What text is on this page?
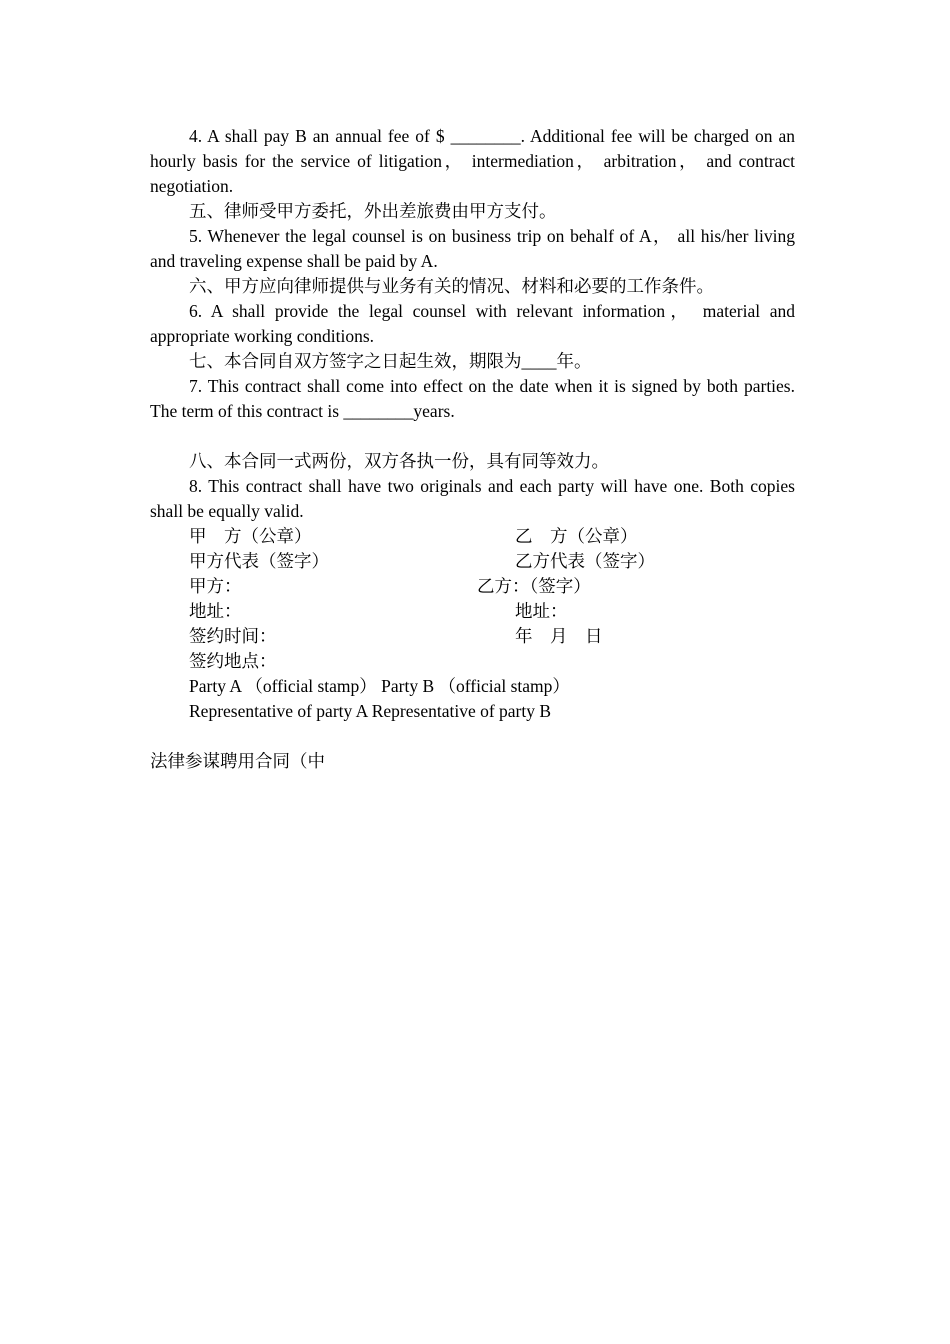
4. A shall pay B an annual fee of $ ________. Additional fee will be charged on an hourly basis for the service of litigation， intermediation， arbitration， and contract negotiation.

五、律师受甲方委托，外出差旅费由甲方支付。

5. Whenever the legal counsel is on business trip on behalf of A， all his/her living and traveling expense shall be paid by A.

六、甲方应向律师提供与业务有关的情况、材料和必要的工作条件。

6. A shall provide the legal counsel with relevant information， material and appropriate working conditions.

七、本合同自双方签字之日起生效，期限为____年。

7. This contract shall come into effect on the date when it is signed by both parties. The term of this contract is ________years.

八、本合同一式两份，双方各执一份，具有同等效力。

8. This contract shall have two originals and each party will have one. Both copies shall be equally valid.

甲　方（公章）	乙　方（公章）
甲方代表（签字）	乙方代表（签字）
甲方：	乙方：（签字）
地址：	地址：
签约时间：	年　月　日
签约地点：

Party A （official stamp） Party B （official stamp）

Representative of party A Representative of party B

法律参谋聘用合同（中
